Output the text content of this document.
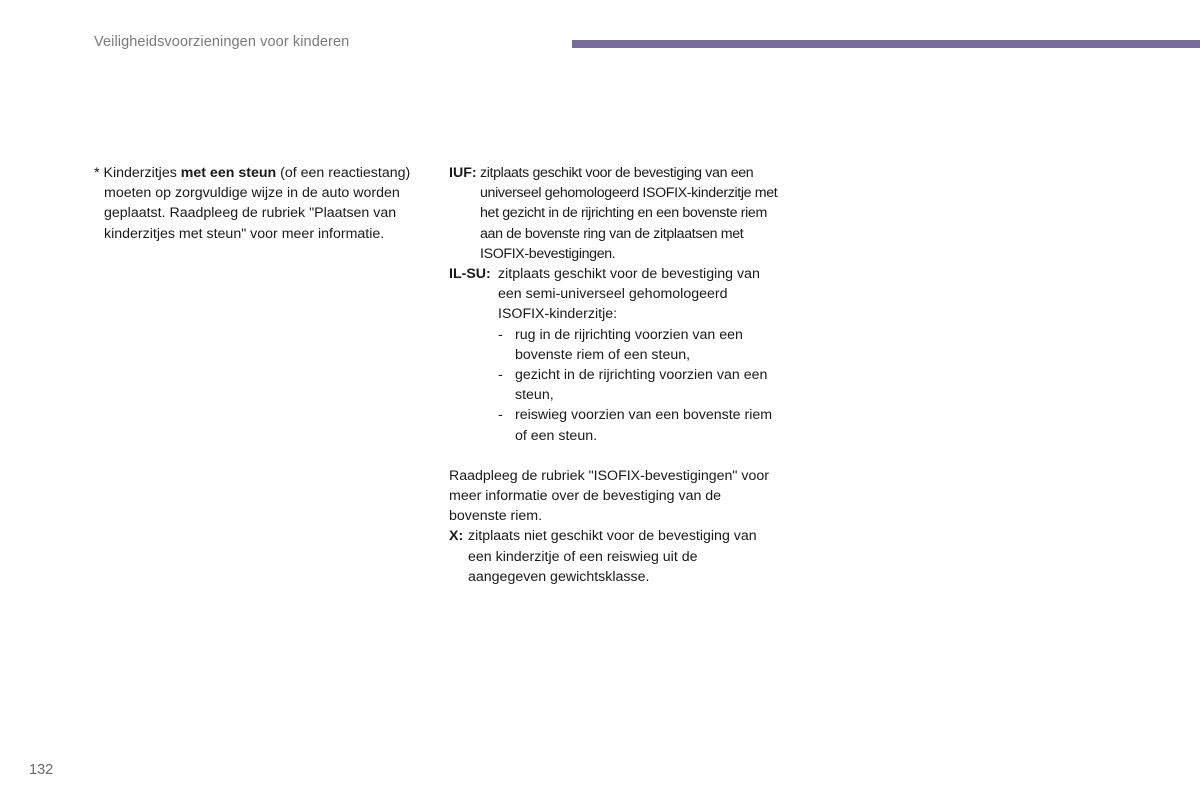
Veiligheidsvoorzieningen voor kinderen

* Kinderzitjes met een steun (of een reactiestang) moeten op zorgvuldige wijze in de auto worden geplaatst. Raadpleeg de rubriek "Plaatsen van kinderzitjes met steun" voor meer informatie.

IUF: zitplaats geschikt voor de bevestiging van een universeel gehomologeerd ISOFIX-kinderzitje met het gezicht in de rijrichting en een bovenste riem aan de bovenste ring van de zitplaatsen met ISOFIX-bevestigingen.

IL-SU: zitplaats geschikt voor de bevestiging van een semi-universeel gehomologeerd ISOFIX-kinderzitje:

- rug in de rijrichting voorzien van een bovenste riem of een steun,
- gezicht in de rijrichting voorzien van een steun,
- reiswieg voorzien van een bovenste riem of een steun.

Raadpleeg de rubriek "ISOFIX-bevestigingen" voor meer informatie over de bevestiging van de bovenste riem.

X: zitplaats niet geschikt voor de bevestiging van een kinderzitje of een reiswieg uit de aangegeven gewichtsklasse.

132
